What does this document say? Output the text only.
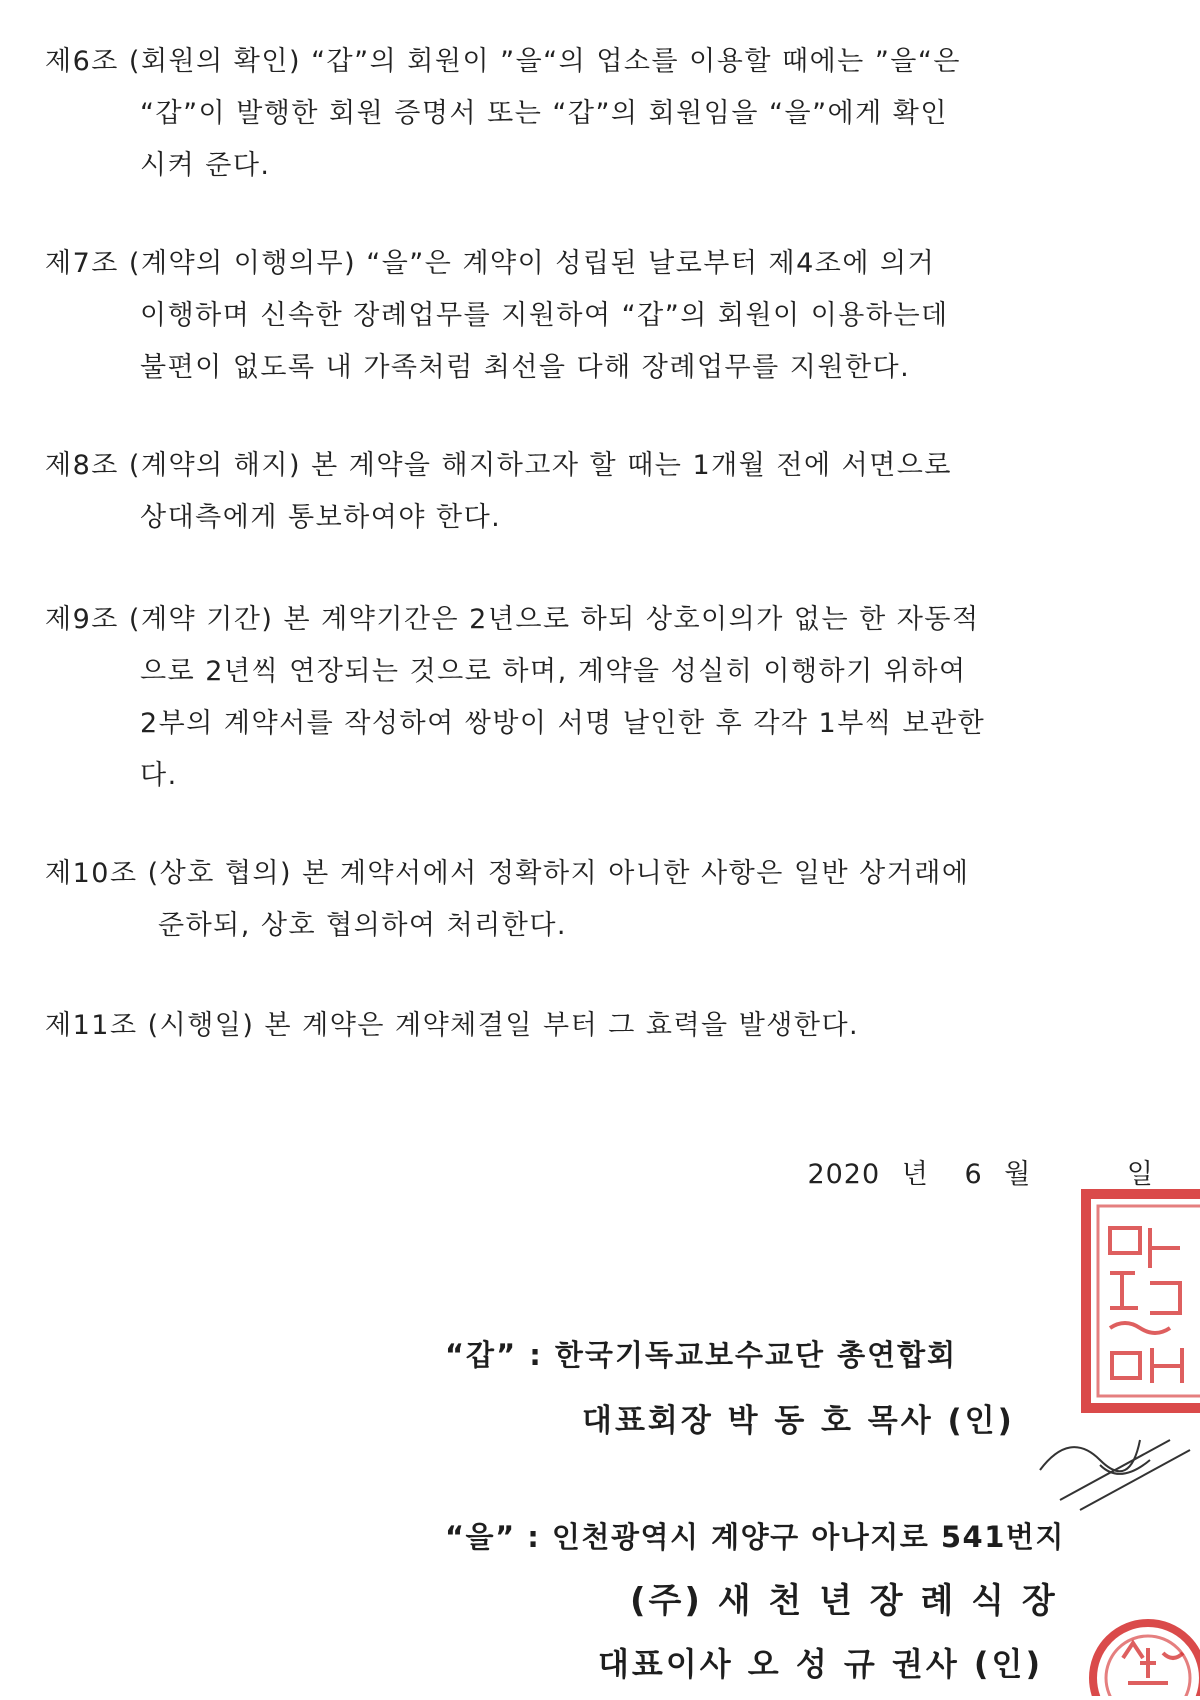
제6조 (회원의 확인) “갑”의 회원이 ”을“의 업소를 이용할 때에는 ”을“은
“갑”이 발행한 회원 증명서 또는 “갑”의 회원임을 “을”에게 확인
시켜 준다.
제7조 (계약의 이행의무) “을”은 계약이 성립된 날로부터 제4조에 의거
이행하며 신속한 장례업무를 지원하여 “갑”의 회원이 이용하는데
불편이 없도록 내 가족처럼 최선을 다해 장례업무를 지원한다.
제8조 (계약의 해지) 본 계약을 해지하고자 할 때는 1개월 전에 서면으로
상대측에게 통보하여야 한다.
제9조 (계약 기간) 본 계약기간은 2년으로 하되 상호이의가 없는 한 자동적
으로 2년씩 연장되는 것으로 하며, 계약을 성실히 이행하기 위하여
2부의 계약서를 작성하여 쌍방이 서명 날인한 후 각각 1부씩 보관한
다.
제10조 (상호 협의) 본 계약서에서 정확하지 아니한 사항은 일반 상거래에
준하되, 상호 협의하여 처리한다.
제11조 (시행일) 본 계약은 계약체결일 부터 그 효력을 발생한다.
2020 년 6 월	일
“갑” : 한국기독교보수교단 총연합회
대표회장 박 동 호 목사 (인)
“을” : 인천광역시 계양구 아나지로 541번지
(주) 새 천 년 장 례 식 장
대표이사 오 성 규 권사 (인)
